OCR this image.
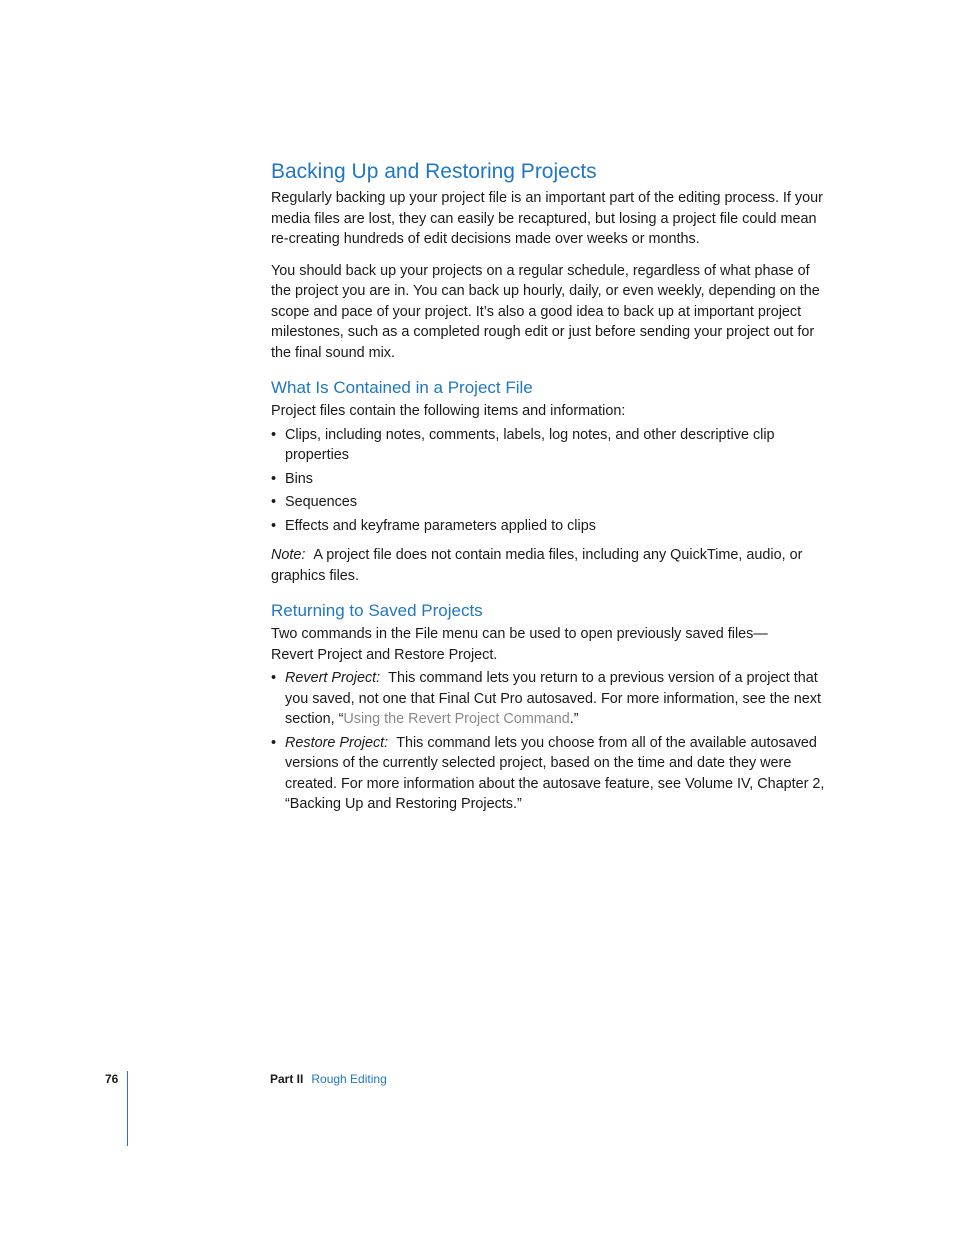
Backing Up and Restoring Projects

Regularly backing up your project file is an important part of the editing process. If your media files are lost, they can easily be recaptured, but losing a project file could mean re-creating hundreds of edit decisions made over weeks or months.

You should back up your projects on a regular schedule, regardless of what phase of the project you are in. You can back up hourly, daily, or even weekly, depending on the scope and pace of your project. It’s also a good idea to back up at important project milestones, such as a completed rough edit or just before sending your project out for the final sound mix.

What Is Contained in a Project File

Project files contain the following items and information:

• Clips, including notes, comments, labels, log notes, and other descriptive clip properties
• Bins
• Sequences
• Effects and keyframe parameters applied to clips

Note: A project file does not contain media files, including any QuickTime, audio, or graphics files.

Returning to Saved Projects

Two commands in the File menu can be used to open previously saved files—
Revert Project and Restore Project.

• Revert Project: This command lets you return to a previous version of a project that you saved, not one that Final Cut Pro autosaved. For more information, see the next section, “Using the Revert Project Command.”
• Restore Project: This command lets you choose from all of the available autosaved versions of the currently selected project, based on the time and date they were created. For more information about the autosave feature, see Volume IV, Chapter 2, “Backing Up and Restoring Projects.”
76	Part II Rough Editing
